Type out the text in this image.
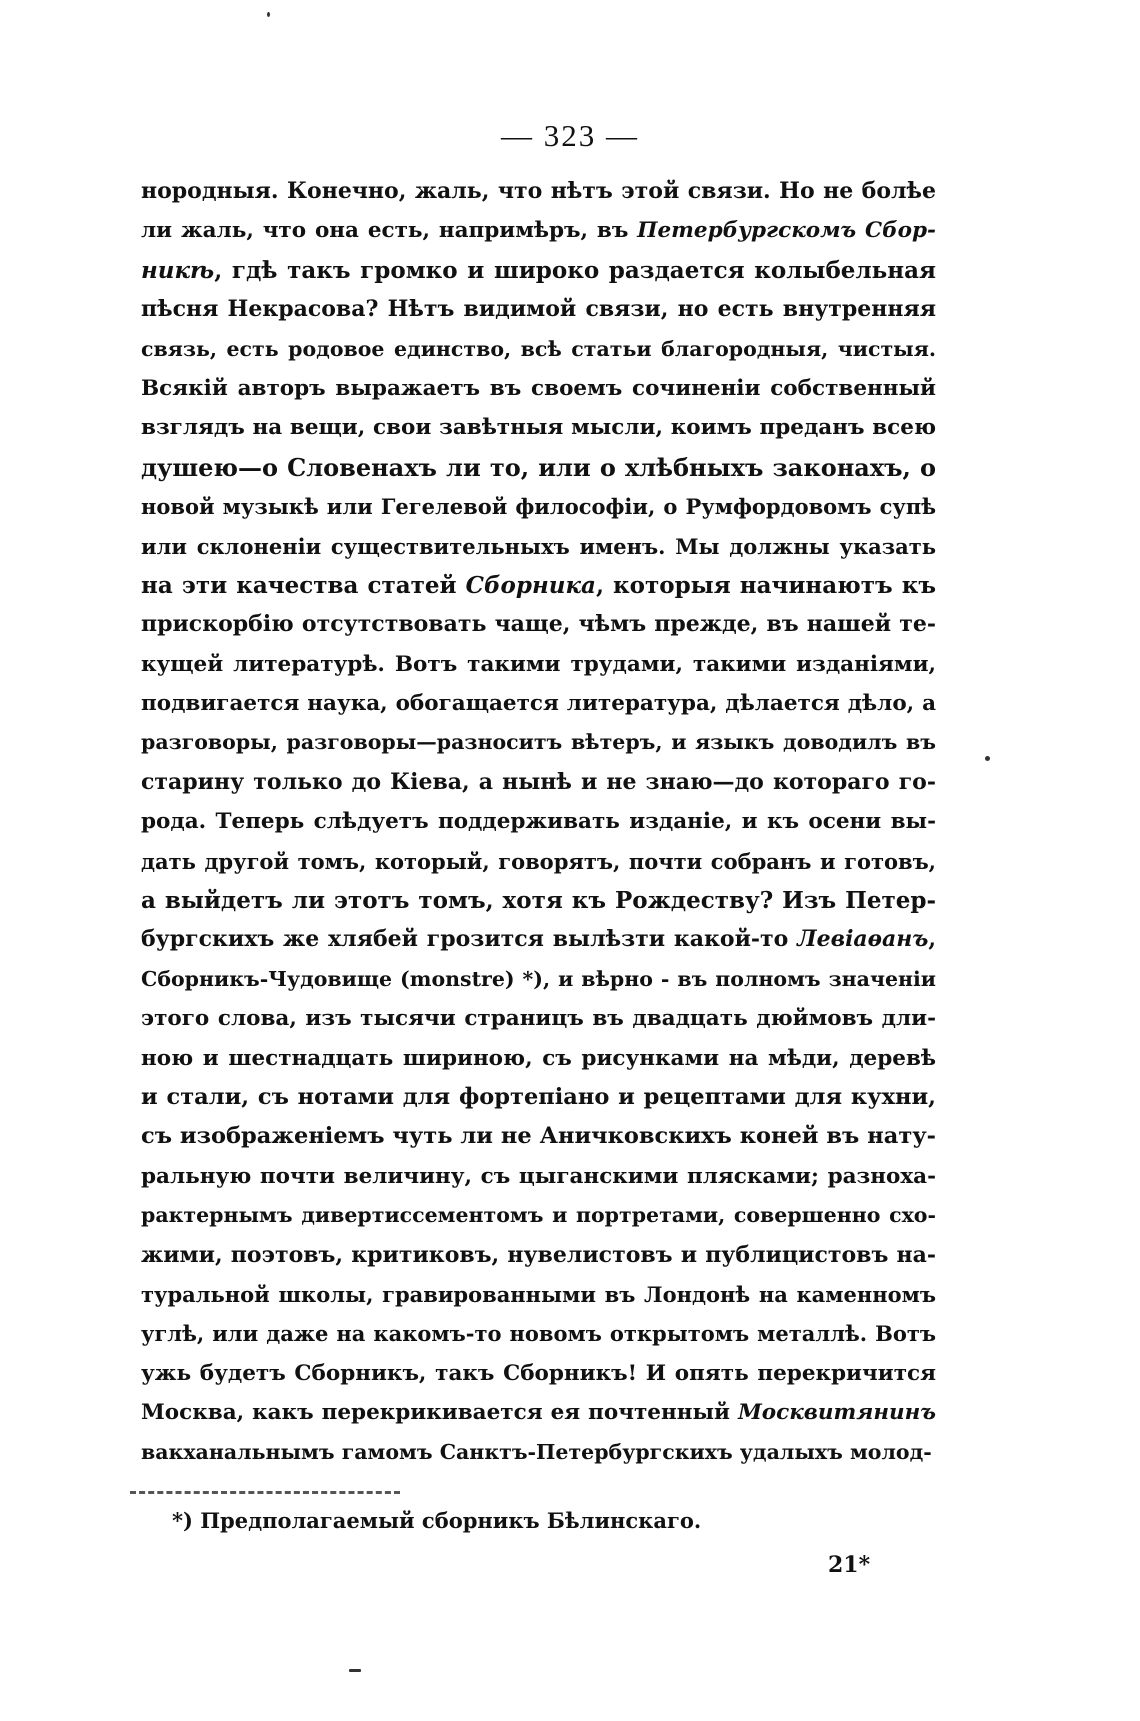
— 323 —
нородныя. Конечно, жаль, что нѣтъ этой связи. Но не болѣе
ли жаль, что она есть, напримѣръ, въ Петербургскомъ Сбор-
никѣ, гдѣ такъ громко и широко раздается колыбельная
пѣсня Некрасова? Нѣтъ видимой связи, но есть внутренняя
связь, есть родовое единство, всѣ статьи благородныя, чистыя.
Всякій авторъ выражаетъ въ своемъ сочиненіи собственный
взглядъ на вещи, свои завѣтныя мысли, коимъ преданъ всею
душею—о Словенахъ ли то, или о хлѣбныхъ законахъ, о
новой музыкѣ или Гегелевой философіи, о Румфордовомъ супѣ
или склоненіи существительныхъ именъ. Мы должны указать
на эти качества статей Сборника, которыя начинаютъ къ
прискорбію отсутствовать чаще, чѣмъ прежде, въ нашей те-
кущей литературѣ. Вотъ такими трудами, такими изданіями,
подвигается наука, обогащается литература, дѣлается дѣло, а
разговоры, разговоры—разноситъ вѣтеръ, и языкъ доводилъ въ
старину только до Кіева, а нынѣ и не знаю—до котораго го-
рода. Теперь слѣдуетъ поддерживать изданіе, и къ осени вы-
дать другой томъ, который, говорятъ, почти собранъ и готовъ,
а выйдетъ ли этотъ томъ, хотя къ Рождеству? Изъ Петер-
бургскихъ же хлябей грозится вылѣзти какой-то Левіаѳанъ,
Сборникъ-Чудовище (monstre) *), и вѣрно - въ полномъ значеніи
этого слова, изъ тысячи страницъ въ двадцать дюймовъ дли-
ною и шестнадцать шириною, съ рисунками на мѣди, деревѣ
и стали, съ нотами для фортепіано и рецептами для кухни,
съ изображеніемъ чуть ли не Аничковскихъ коней въ нату-
ральную почти величину, съ цыганскими плясками; разноха-
рактернымъ дивертиссементомъ и портретами, совершенно схо-
жими, поэтовъ, критиковъ, нувелистовъ и публицистовъ на-
туральной школы, гравированными въ Лондонѣ на каменномъ
углѣ, или даже на какомъ-то новомъ открытомъ металлѣ. Вотъ
ужь будетъ Сборникъ, такъ Сборникъ! И опять перекричится
Москва, какъ перекрикивается ея почтенный Москвитянинъ
вакханальнымъ гамомъ Санктъ-Петербургскихъ удалыхъ молод-
*) Предполагаемый сборникъ Бѣлинскаго.
21*
